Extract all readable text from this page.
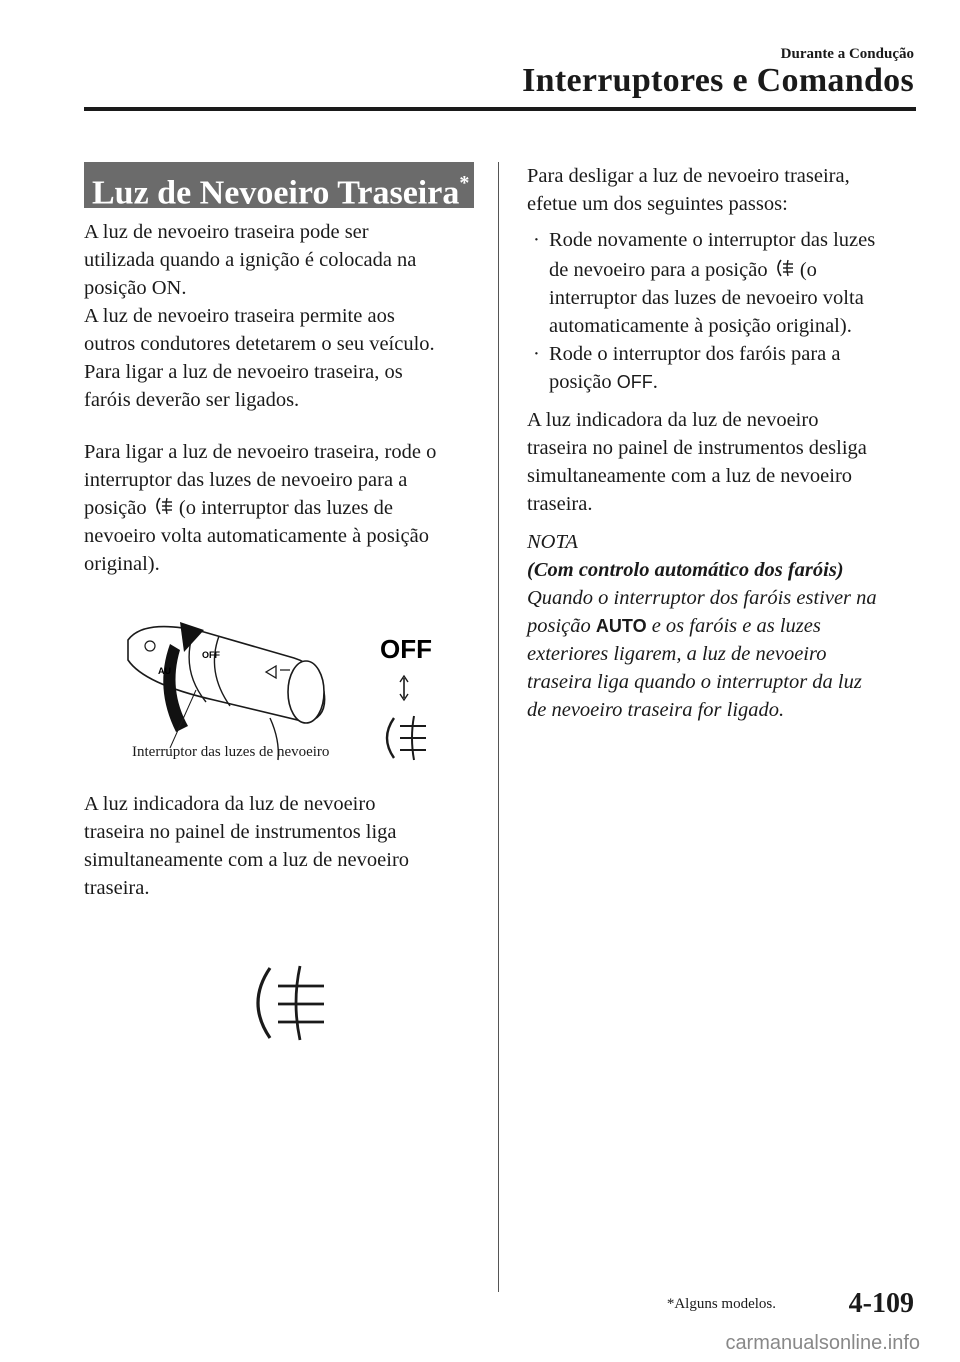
Durante a Condução
Interruptores e Comandos
Luz de Nevoeiro Traseira*

A luz de nevoeiro traseira pode ser

utilizada quando a ignição é colocada na

posição ON.

A luz de nevoeiro traseira permite aos

outros condutores detetarem o seu veículo.

Para ligar a luz de nevoeiro traseira, os

faróis deverão ser ligados.

Para ligar a luz de nevoeiro traseira, rode o

interruptor das luzes de nevoeiro para a

posição (o interruptor das luzes de

nevoeiro volta automaticamente à posição

original).

OFF
AU
OFF
Interruptor das luzes de nevoeiro

A luz indicadora da luz de nevoeiro

traseira no painel de instrumentos liga

simultaneamente com a luz de nevoeiro

traseira.

Para desligar a luz de nevoeiro traseira,

efetue um dos seguintes passos:

· Rode novamente o interruptor das luzes
de nevoeiro para a posição (o
interruptor das luzes de nevoeiro volta
automaticamente à posição original).
· Rode o interruptor dos faróis para a
posição OFF.

A luz indicadora da luz de nevoeiro

traseira no painel de instrumentos desliga

simultaneamente com a luz de nevoeiro

traseira.

NOTA
(Com controlo automático dos faróis)
Quando o interruptor dos faróis estiver na
posição AUTO e os faróis e as luzes
exteriores ligarem, a luz de nevoeiro
traseira liga quando o interruptor da luz
de nevoeiro traseira for ligado.
*Alguns modelos.	4-109
carmanualsonline.info
